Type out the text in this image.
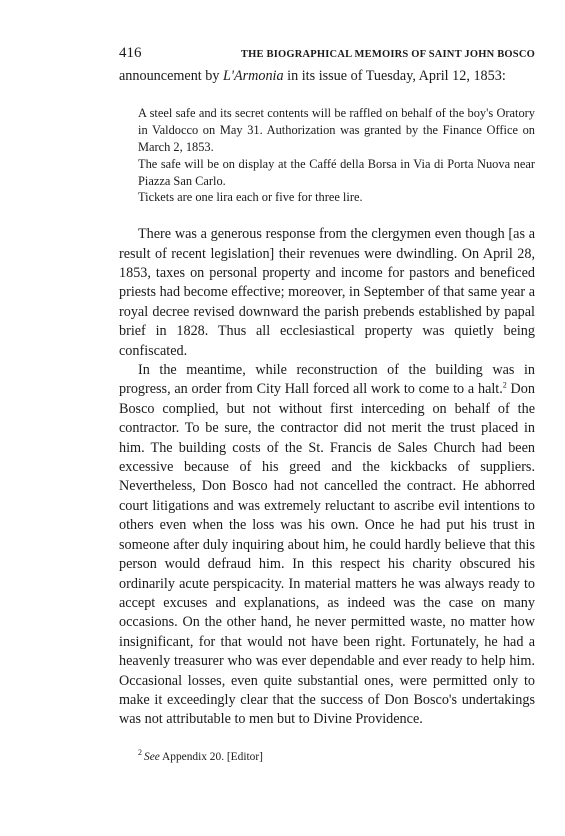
416	THE BIOGRAPHICAL MEMOIRS OF SAINT JOHN BOSCO

announcement by L'Armonia in its issue of Tuesday, April 12, 1853:

A steel safe and its secret contents will be raffled on behalf of the boy's Oratory in Valdocco on May 31. Authorization was granted by the Finance Office on March 2, 1853.

The safe will be on display at the Caffé della Borsa in Via di Porta Nuova near Piazza San Carlo.

Tickets are one lira each or five for three lire.

There was a generous response from the clergymen even though [as a result of recent legislation] their revenues were dwindling. On April 28, 1853, taxes on personal property and income for pastors and beneficed priests had become effective; moreover, in September of that same year a royal decree revised downward the parish prebends established by papal brief in 1828. Thus all ecclesiastical property was quietly being confiscated.

In the meantime, while reconstruction of the building was in progress, an order from City Hall forced all work to come to a halt.$^2$ Don Bosco complied, but not without first interceding on behalf of the contractor. To be sure, the contractor did not merit the trust placed in him. The building costs of the St. Francis de Sales Church had been excessive because of his greed and the kickbacks of suppliers. Nevertheless, Don Bosco had not cancelled the contract. He abhorred court litigations and was extremely reluctant to ascribe evil intentions to others even when the loss was his own. Once he had put his trust in someone after duly inquiring about him, he could hardly believe that this person would defraud him. In this respect his charity obscured his ordinarily acute perspicacity. In material matters he was always ready to accept excuses and explanations, as indeed was the case on many occasions. On the other hand, he never permitted waste, no matter how insignificant, for that would not have been right. Fortunately, he had a heavenly treasurer who was ever dependable and ever ready to help him. Occasional losses, even quite substantial ones, were permitted only to make it exceedingly clear that the success of Don Bosco's undertakings was not attributable to men but to Divine Providence.

$^2$ See Appendix 20. [Editor]
